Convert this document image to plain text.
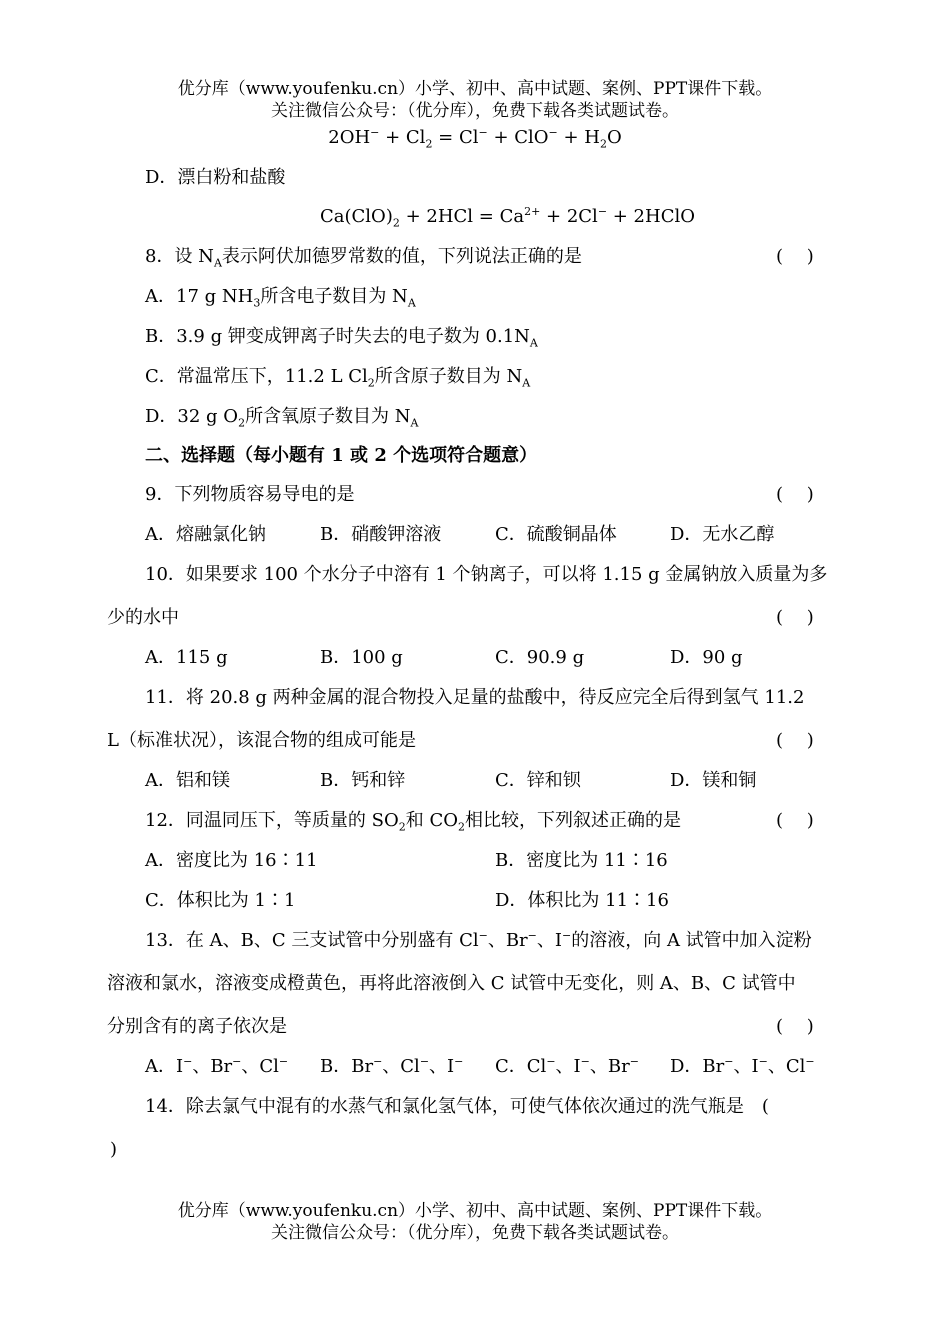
优分库（www.youfenku.cn）小学、初中、高中试题、案例、PPT课件下载。
关注微信公众号：（优分库），免费下载各类试题试卷。
$2OH^- + Cl_2 = Cl^- + ClO^- + H_2O$
D．漂白粉和盐酸
$Ca(ClO)_2 + 2HCl = Ca^{2+} + 2Cl^-$ + 2HClO
8．设 $N_A$表示阿伏加德罗常数的值，下列说法正确的是	(　 )
A．17 g $NH_3$所含电子数目为 $N_A$
B．3.9 g 钾变成钾离子时失去的电子数为 $0.1N_A$
C．常温常压下，11.2 L $Cl_2$所含原子数目为 $N_A$
D．32 g $O_2$所含氧原子数目为 $N_A$
二、选择题（每小题有 1 或 2 个选项符合题意）
9．下列物质容易导电的是	(　 )
A．熔融氯化钠	B．硝酸钾溶液	C．硫酸铜晶体	D．无水乙醇
10．如果要求 100 个水分子中溶有 1 个钠离子，可以将 1.15 g 金属钠放入质量为多
少的水中	(　 )
A．115 g	B．100 g	C．90.9 g	D．90 g
11．将 20.8 g 两种金属的混合物投入足量的盐酸中，待反应完全后得到氢气 11.2
L（标准状况），该混合物的组成可能是	(　 )
A．铝和镁	B．钙和锌	C．锌和钡	D．镁和铜
12．同温同压下，等质量的 $SO_2$和 $CO_2$相比较，下列叙述正确的是	(　 )
A．密度比为 16∶11	B．密度比为 11∶16
C．体积比为 1∶1	D．体积比为 11∶16
13．在 A、B、C 三支试管中分别盛有 Cl−、Br−、I−的溶液，向 A 试管中加入淀粉
溶液和氯水，溶液变成橙黄色，再将此溶液倒入 C 试管中无变化，则 A、B、C 试管中
分别含有的离子依次是	(　 )
A．I−、Br−、Cl− B．Br−、Cl−、I− C．Cl−、I−、Br− D．Br−、I−、Cl−
14．除去氯气中混有的水蒸气和氯化氢气体，可使气体依次通过的洗气瓶是　(
)
优分库（www.youfenku.cn）小学、初中、高中试题、案例、PPT课件下载。
关注微信公众号：（优分库），免费下载各类试题试卷。
